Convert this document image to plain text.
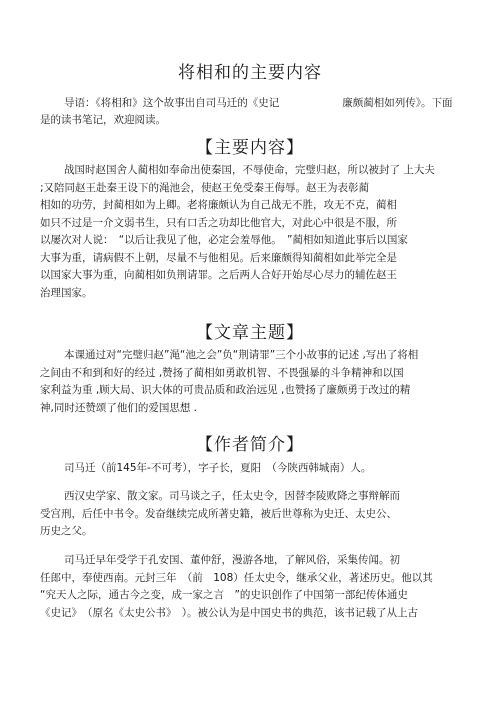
将相和的主要内容
导语：《将相和》这个故事出自司马迁的《史记　　　　　　廉颇蔺相如列传》。下面
是的读书笔记，欢迎阅读。
【主要内容】
战国时赵国舍人蔺相如奉命出使秦国，不辱使命，完璧归赵，所以被封了 上大夫
;又陪同赵王赴秦王设下的渑池会，使赵王免受秦王侮辱。赵王为表彰蔺
相如的功劳，封蔺相如为上卿。老将廉颇认为自己战无不胜，攻无不克，蔺相
如只不过是一介文弱书生，只有口舌之功却比他官大，对此心中很是不服，所
以屡次对人说：　“以后让我见了他，必定会羞辱他。　”蔺相如知道此事后以国家
大事为重，请病假不上朝，尽量不与他相见。后来廉颇得知蔺相如此举完全是
以国家大事为重，向蔺相如负荆请罪。之后两人合好开始尽心尽力的辅佐赵王
治理国家。
【文章主题】
本课通过对“完璧归赵”渑“池之会”负“荆请罪”三个小故事的记述 ,写出了将相
之间由不和到和好的经过 ,赞扬了蔺相如勇敢机智、不畏强暴的斗争精神和以国
家利益为重 ,顾大局、识大体的可贵品质和政治远见 ,也赞扬了廉颇勇于改过的精
神,同时还赞颂了他们的爱国思想 .
【作者简介】
司马迁（前145年-不可考），字子长，夏阳　（今陕西韩城南）人。
西汉史学家、散文家。司马谈之子，任太史令，因替李陵败降之事辩解而
受宫刑，后任中书令。发奋继续完成所著史籍，被后世尊称为史迁、太史公、
历史之父。
司马迁早年受学于孔安国、董仲舒，漫游各地，了解风俗，采集传闻。初
任郎中，奉使西南。元封三年　（前　108）任太史令，继承父业，著述历史。他以其
“究天人之际，通古今之变，成一家之言　”的史识创作了中国第一部纪传体通史
《史记》　（原名《太史公书》　）。被公认为是中国史书的典范，该书记载了从上古
